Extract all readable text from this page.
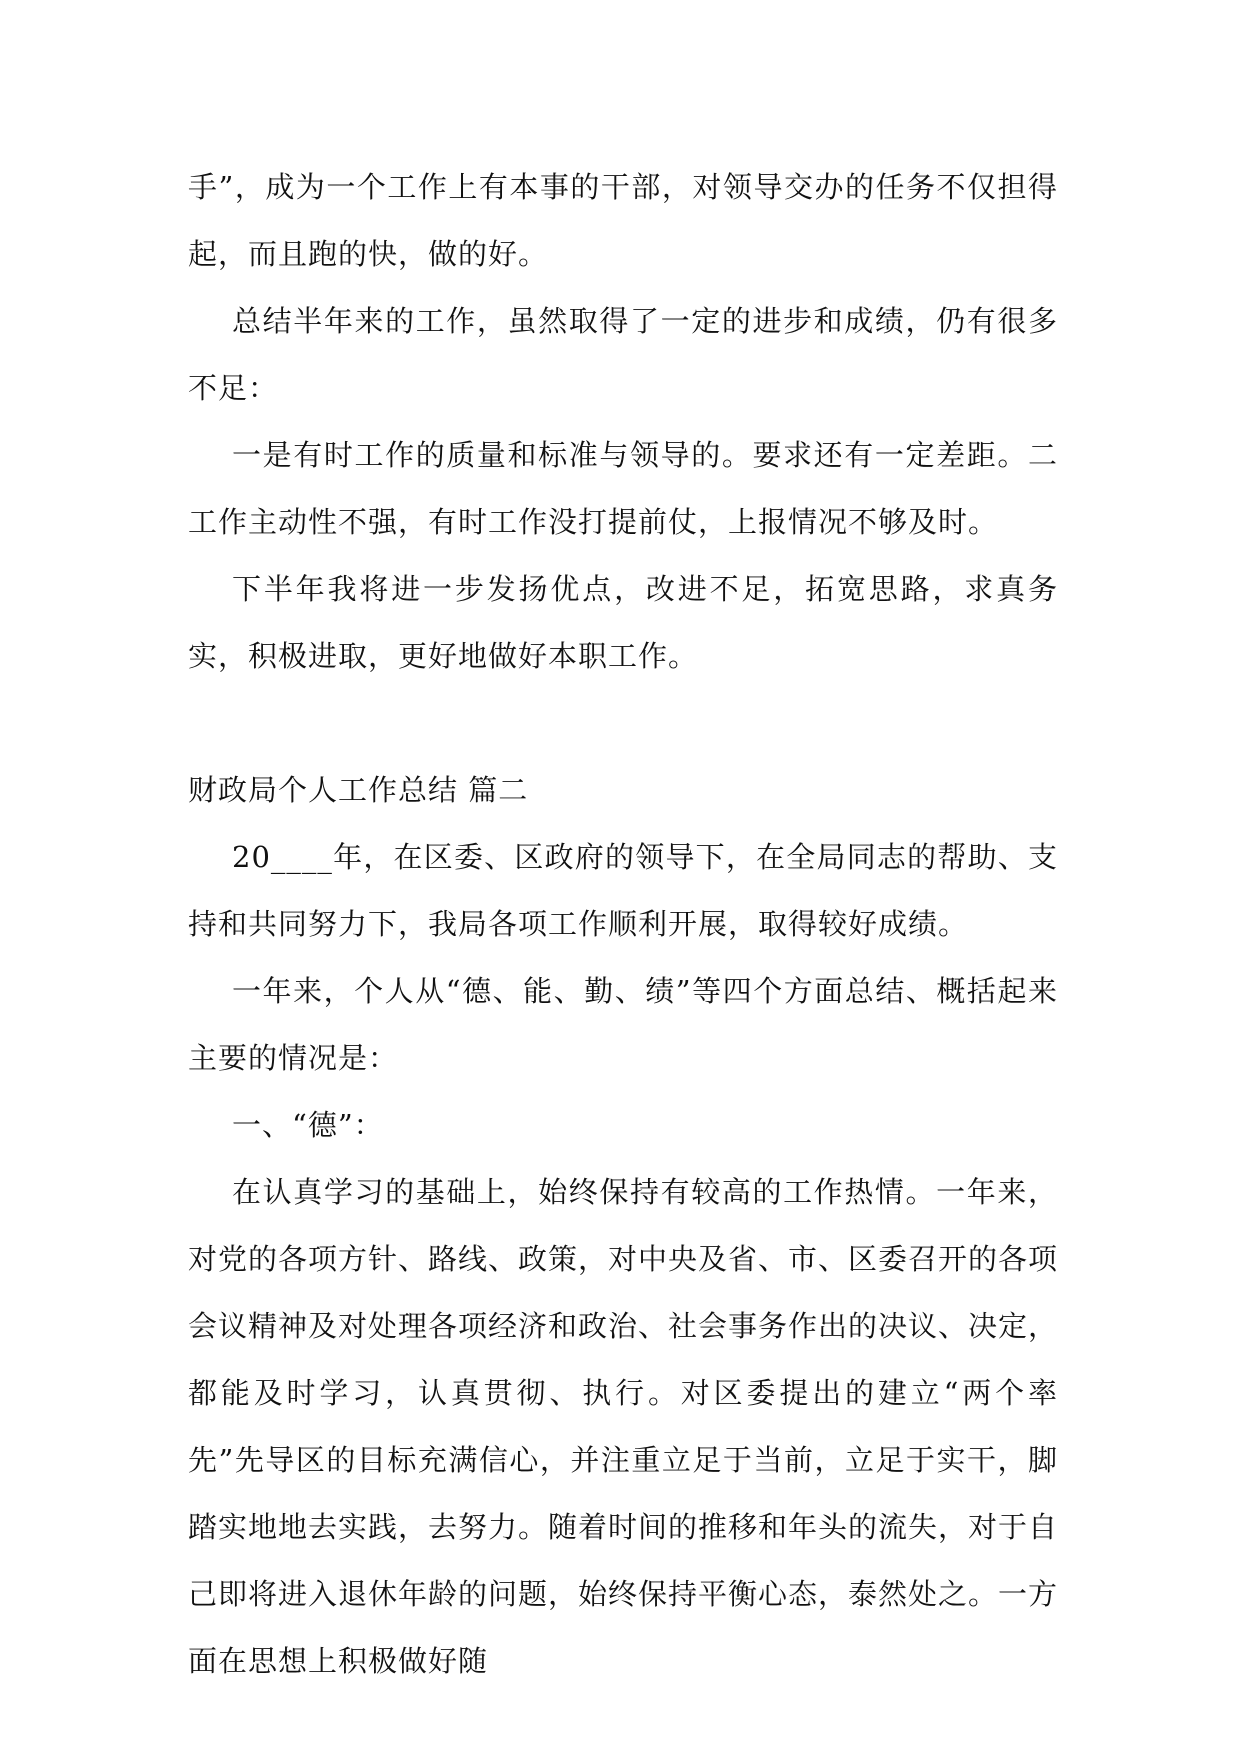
手”，成为一个工作上有本事的干部，对领导交办的任务不仅担得起，而且跑的快，做的好。

总结半年来的工作，虽然取得了一定的进步和成绩，仍有很多不足：

一是有时工作的质量和标准与领导的。要求还有一定差距。二工作主动性不强，有时工作没打提前仗，上报情况不够及时。

下半年我将进一步发扬优点，改进不足，拓宽思路，求真务实，积极进取，更好地做好本职工作。

财政局个人工作总结 篇二

20____年，在区委、区政府的领导下，在全局同志的帮助、支持和共同努力下，我局各项工作顺利开展，取得较好成绩。

一年来，个人从“德、能、勤、绩”等四个方面总结、概括起来主要的情况是：

一、“德”：

在认真学习的基础上，始终保持有较高的工作热情。一年来，对党的各项方针、路线、政策，对中央及省、市、区委召开的各项会议精神及对处理各项经济和政治、社会事务作出的决议、决定，都能及时学习，认真贯彻、执行。对区委提出的建立“两个率先”先导区的目标充满信心，并注重立足于当前，立足于实干，脚踏实地地去实践，去努力。随着时间的推移和年头的流失，对于自己即将进入退休年龄的问题，始终保持平衡心态，泰然处之。一方面在思想上积极做好随
